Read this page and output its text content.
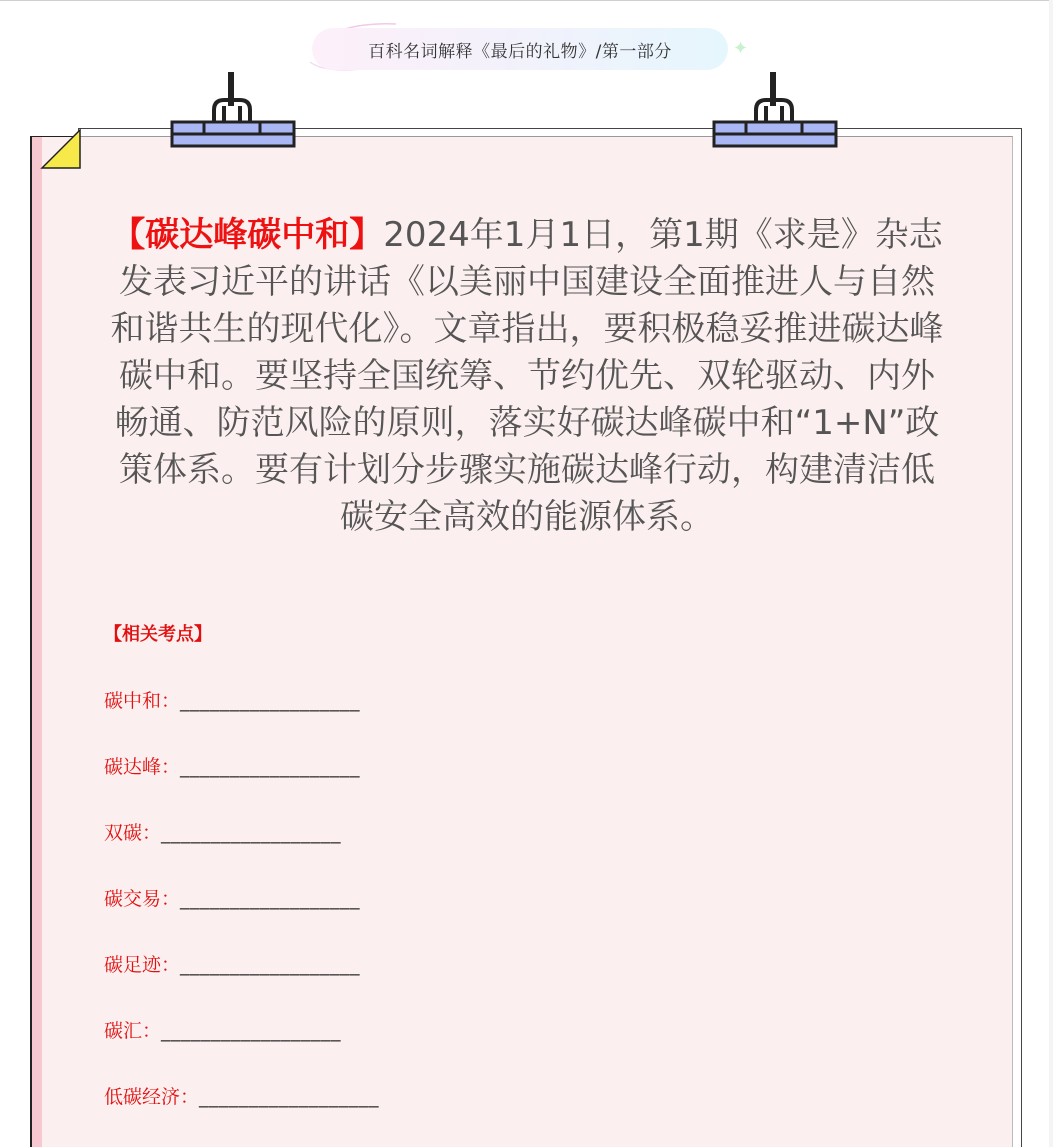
百科名词解释《最后的礼物》/第一部分	✦
【碳达峰碳中和】2024年1月1日，第1期《求是》杂志发表习近平的讲话《以美丽中国建设全面推进人与自然和谐共生的现代化》。文章指出，要积极稳妥推进碳达峰碳中和。要坚持全国统筹、节约优先、双轮驱动、内外畅通、防范风险的原则，落实好碳达峰碳中和“1+N”政策体系。要有计划分步骤实施碳达峰行动，构建清洁低碳安全高效的能源体系。
【相关考点】
碳中和：__________________
碳达峰：__________________
双碳：__________________
碳交易：__________________
碳足迹：__________________
碳汇：__________________
低碳经济：__________________
